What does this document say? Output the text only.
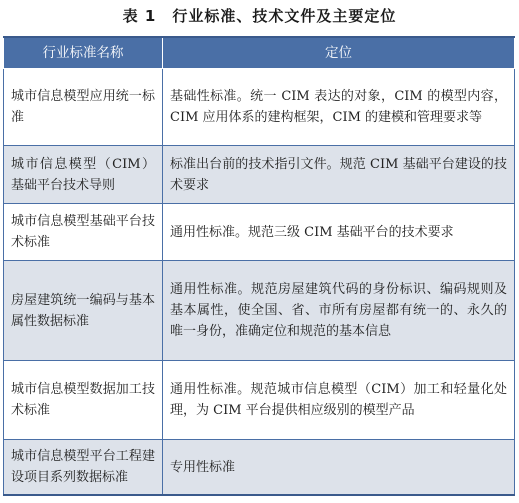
表 1　行业标准、技术文件及主要定位
行业标准名称	定位
城市信息模型应用统一标准	基础性标准。统一 CIM 表达的对象，CIM 的模型内容，CIM 应用体系的建构框架，CIM 的建模和管理要求等
城市信息模型（CIM）基础平台技术导则	标准出台前的技术指引文件。规范 CIM 基础平台建设的技术要求
城市信息模型基础平台技术标准	通用性标准。规范三级 CIM 基础平台的技术要求
房屋建筑统一编码与基本属性数据标准	通用性标准。规范房屋建筑代码的身份标识、编码规则及基本属性，使全国、省、市所有房屋都有统一的、永久的唯一身份，准确定位和规范的基本信息
城市信息模型数据加工技术标准	通用性标准。规范城市信息模型（CIM）加工和轻量化处理，为 CIM 平台提供相应级别的模型产品
城市信息模型平台工程建设项目系列数据标准	专用性标准
